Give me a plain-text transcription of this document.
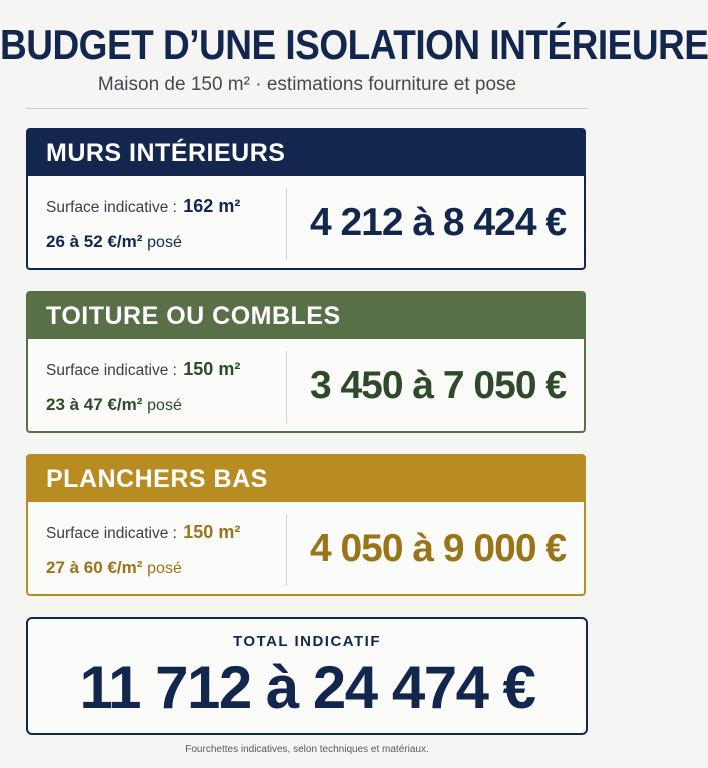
BUDGET D’UNE ISOLATION INTÉRIEURE
Maison de 150 m² · estimations fourniture et pose
MURS INTÉRIEURS
Surface indicative : 162 m²
26 à 52 €/m² posé	4 212 à 8 424 €
TOITURE OU COMBLES
Surface indicative : 150 m²
23 à 47 €/m² posé	3 450 à 7 050 €
PLANCHERS BAS
Surface indicative : 150 m²
27 à 60 €/m² posé	4 050 à 9 000 €
TOTAL INDICATIF
11 712 à 24 474 €
Fourchettes indicatives, selon techniques et matériaux.
